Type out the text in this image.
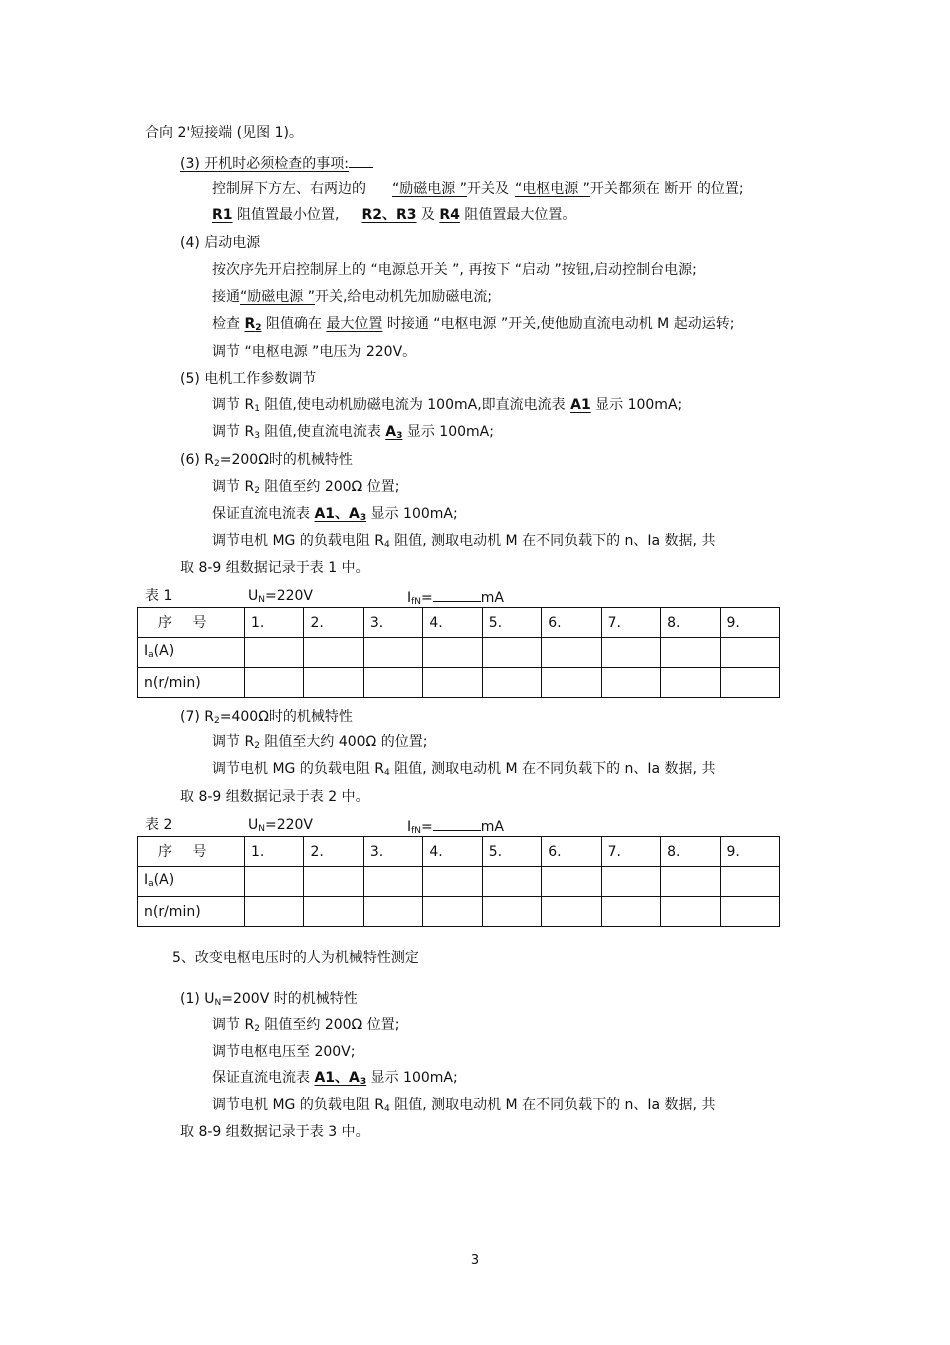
合向 2'短接端 (见图 1)。
(3) 开机时必须检查的事项:
控制屏下方左、右两边的 “励磁电源 ”开关及 “电枢电源 ”开关都须在 断开 的位置;
R1 阻值置最小位置, R2、R3 及 R4 阻值置最大位置。
(4) 启动电源
按次序先开启控制屏上的 “电源总开关 ”, 再按下 “启动 ”按钮,启动控制台电源;
接通“励磁电源 ”开关,给电动机先加励磁电流;
检查 $R_2$ 阻值确在 最大位置 时接通 “电枢电源 ”开关,使他励直流电动机 M 起动运转;
调节 “电枢电源 ”电压为 220V。
(5) 电机工作参数调节
调节 $R_1$ 阻值,使电动机励磁电流为 100mA,即直流电流表 A1 显示 100mA;
调节 $R_3$ 阻值,使直流电流表 $A_3$ 显示 100mA;
(6) $R_2=200\Omega$时的机械特性
调节 $R_2$ 阻值至约 200Ω 位置;
保证直流电流表 A1、$A_3$ 显示 100mA;
调节电机 MG 的负载电阻 $R_4$ 阻值, 测取电动机 M 在不同负载下的 n、Ia 数据, 共
取 8-9 组数据记录于表 1 中。
表 1	$U_N=220V$	$I_{fN}=$	mA
序 号	1.	2.	3.	4.	5.	6.	7.	8.	9.
$I_a(A)$									
n(r/min)									
(7) $R_2=400\Omega$时的机械特性
调节 $R_2$ 阻值至大约 400Ω 的位置;
调节电机 MG 的负载电阻 $R_4$ 阻值, 测取电动机 M 在不同负载下的 n、Ia 数据, 共
取 8-9 组数据记录于表 2 中。
表 2	$U_N=220V$	$I_{fN}=$	mA
序 号	1.	2.	3.	4.	5.	6.	7.	8.	9.
$I_a(A)$									
n(r/min)									
5、改变电枢电压时的人为机械特性测定
(1) $U_N=200V$ 时的机械特性
调节 $R_2$ 阻值至约 200Ω 位置;
调节电枢电压至 200V;
保证直流电流表 A1、$A_3$ 显示 100mA;
调节电机 MG 的负载电阻 $R_4$ 阻值, 测取电动机 M 在不同负载下的 n、Ia 数据, 共
取 8-9 组数据记录于表 3 中。
3
